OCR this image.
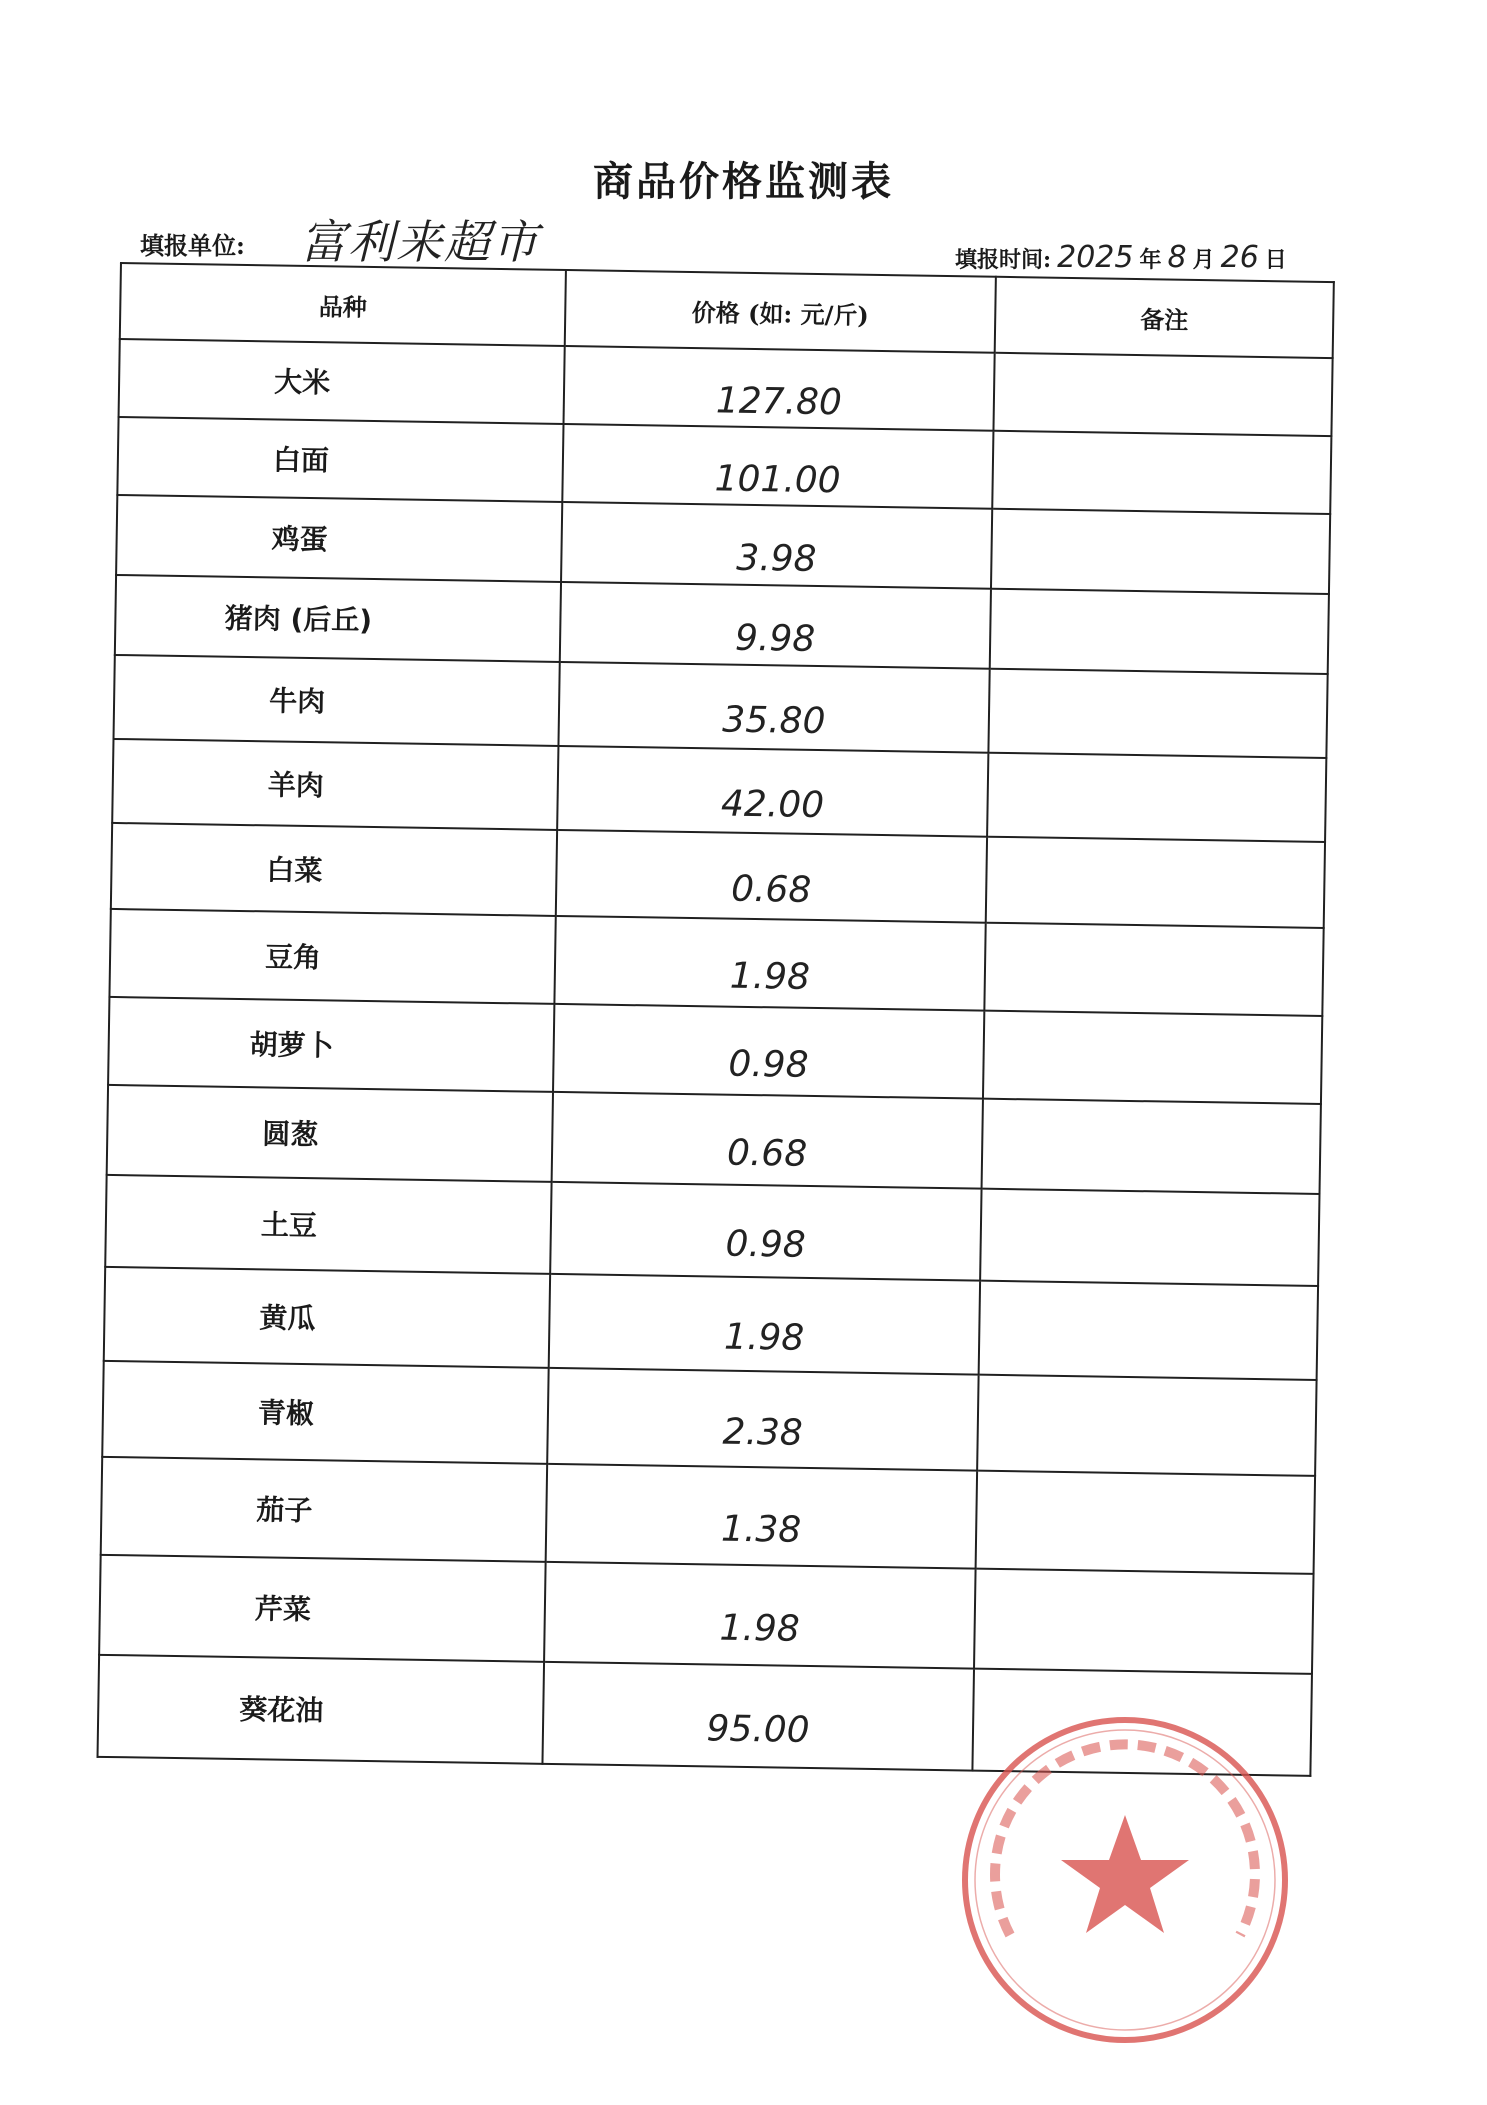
商品价格监测表
填报单位: 富利来超市	填报时间: 2025 年 8 月 26 日
品种	价格 (如: 元/斤)	备注
大米	127.80	
白面	101.00	
鸡蛋	3.98	
猪肉 (后丘)	9.98	
牛肉	35.80	
羊肉	42.00	
白菜	0.68	
豆角	1.98	
胡萝卜	0.98	
圆葱	0.68	
土豆	0.98	
黄瓜	1.98	
青椒	2.38	
茄子	1.38	
芹菜	1.98	
葵花油	95.00	
